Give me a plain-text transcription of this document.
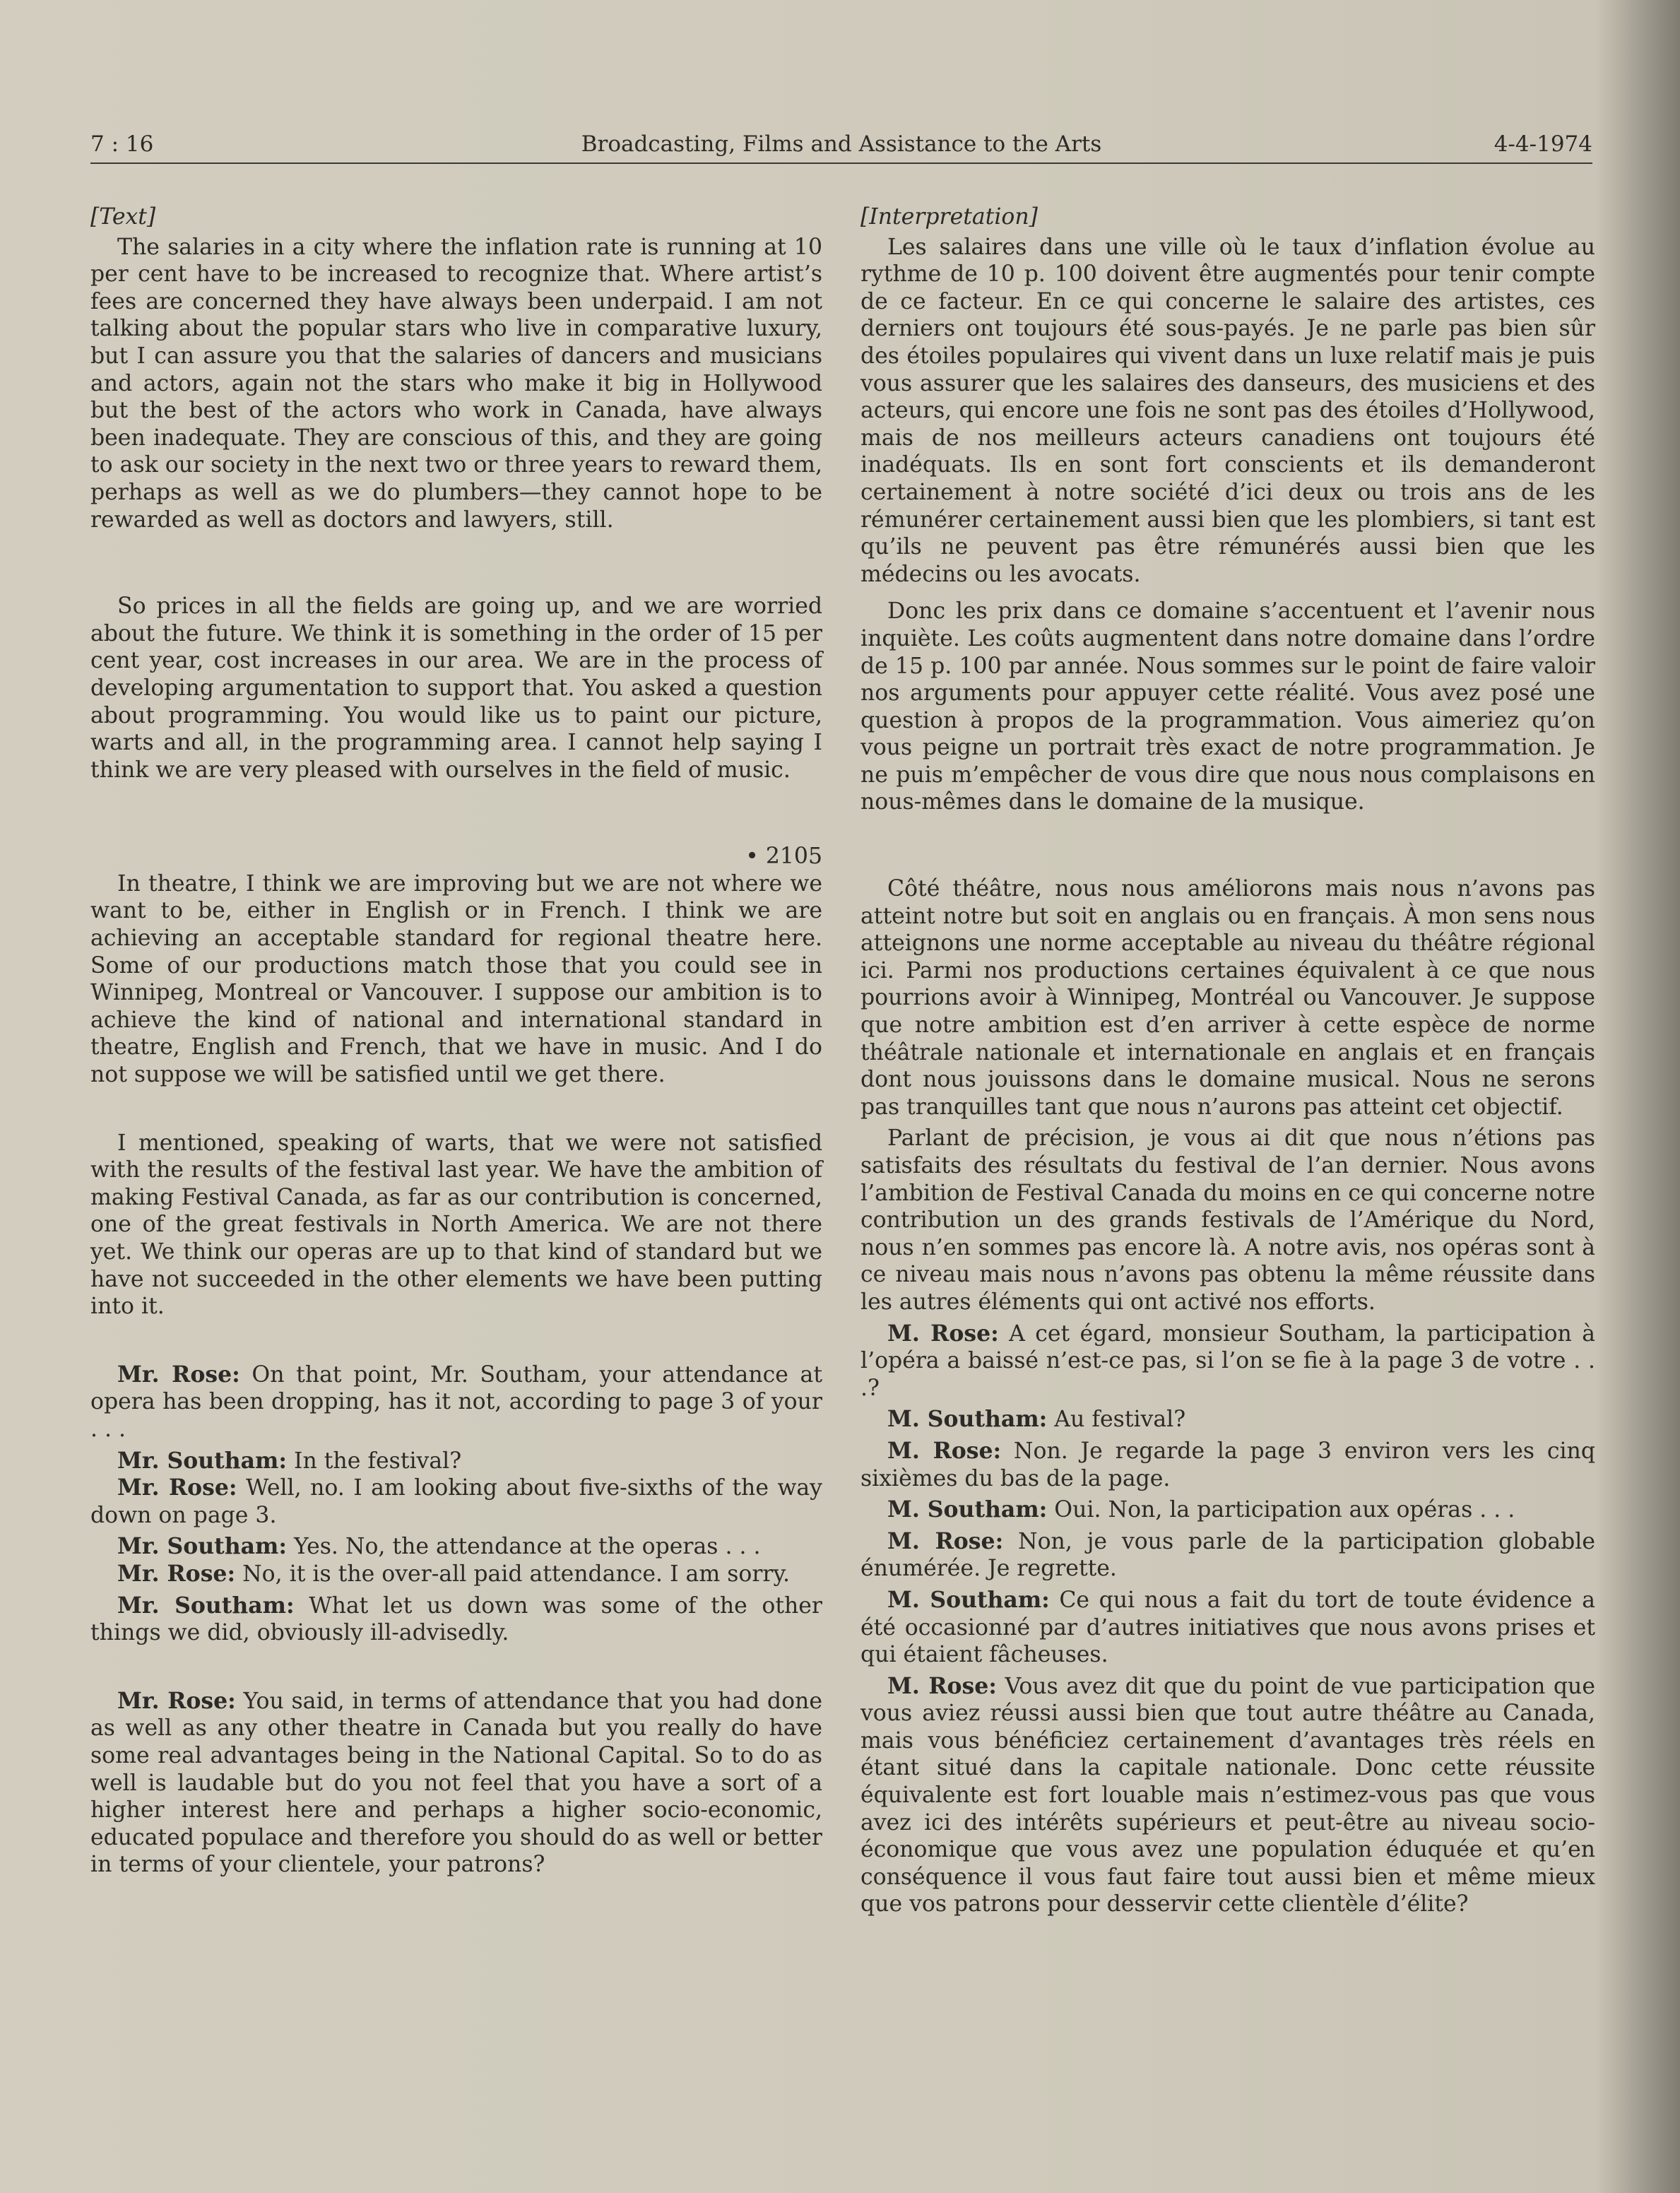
Broadcasting, Films and Assistance to the Arts
7 : 16	4-4-1974

[Text]

The salaries in a city where the inflation rate is running at 10 per cent have to be increased to recognize that. Where artist’s fees are concerned they have always been underpaid. I am not talking about the popular stars who live in comparative luxury, but I can assure you that the salaries of dancers and musicians and actors, again not the stars who make it big in Hollywood but the best of the actors who work in Canada, have always been inadequate. They are conscious of this, and they are going to ask our society in the next two or three years to reward them, perhaps as well as we do plumbers—they cannot hope to be rewarded as well as doctors and lawyers, still.

So prices in all the fields are going up, and we are worried about the future. We think it is something in the order of 15 per cent year, cost increases in our area. We are in the process of developing argumentation to support that. You asked a question about programming. You would like us to paint our picture, warts and all, in the programming area. I cannot help saying I think we are very pleased with ourselves in the field of music.

• 2105

In theatre, I think we are improving but we are not where we want to be, either in English or in French. I think we are achieving an acceptable standard for regional theatre here. Some of our productions match those that you could see in Winnipeg, Montreal or Vancouver. I suppose our ambition is to achieve the kind of national and international standard in theatre, English and French, that we have in music. And I do not suppose we will be satisfied until we get there.

I mentioned, speaking of warts, that we were not satisfied with the results of the festival last year. We have the ambition of making Festival Canada, as far as our contribution is concerned, one of the great festivals in North America. We are not there yet. We think our operas are up to that kind of standard but we have not succeeded in the other elements we have been putting into it.

Mr. Rose: On that point, Mr. Southam, your attendance at opera has been dropping, has it not, according to page 3 of your . . .

Mr. Southam: In the festival?

Mr. Rose: Well, no. I am looking about five-sixths of the way down on page 3.

Mr. Southam: Yes. No, the attendance at the operas . . .

Mr. Rose: No, it is the over-all paid attendance. I am sorry.

Mr. Southam: What let us down was some of the other things we did, obviously ill-advisedly.

Mr. Rose: You said, in terms of attendance that you had done as well as any other theatre in Canada but you really do have some real advantages being in the National Capital. So to do as well is laudable but do you not feel that you have a sort of a higher interest here and perhaps a higher socio-economic, educated populace and therefore you should do as well or better in terms of your clientele, your patrons?

[Interpretation]

Les salaires dans une ville où le taux d’inflation évolue au rythme de 10 p. 100 doivent être augmentés pour tenir compte de ce facteur. En ce qui concerne le salaire des artistes, ces derniers ont toujours été sous-payés. Je ne parle pas bien sûr des étoiles populaires qui vivent dans un luxe relatif mais je puis vous assurer que les salaires des danseurs, des musiciens et des acteurs, qui encore une fois ne sont pas des étoiles d’Hollywood, mais de nos meilleurs acteurs canadiens ont toujours été inadéquats. Ils en sont fort conscients et ils demanderont certainement à notre société d’ici deux ou trois ans de les rémunérer certainement aussi bien que les plombiers, si tant est qu’ils ne peuvent pas être rémunérés aussi bien que les médecins ou les avocats.

Donc les prix dans ce domaine s’accentuent et l’avenir nous inquiète. Les coûts augmentent dans notre domaine dans l’ordre de 15 p. 100 par année. Nous sommes sur le point de faire valoir nos arguments pour appuyer cette réalité. Vous avez posé une question à propos de la programmation. Vous aimeriez qu’on vous peigne un portrait très exact de notre programmation. Je ne puis m’empêcher de vous dire que nous nous complaisons en nous-mêmes dans le domaine de la musique.

Côté théâtre, nous nous améliorons mais nous n’avons pas atteint notre but soit en anglais ou en français. À mon sens nous atteignons une norme acceptable au niveau du théâtre régional ici. Parmi nos productions certaines équivalent à ce que nous pourrions avoir à Winnipeg, Montréal ou Vancouver. Je suppose que notre ambition est d’en arriver à cette espèce de norme théâtrale nationale et internationale en anglais et en français dont nous jouissons dans le domaine musical. Nous ne serons pas tranquilles tant que nous n’aurons pas atteint cet objectif.

Parlant de précision, je vous ai dit que nous n’étions pas satisfaits des résultats du festival de l’an dernier. Nous avons l’ambition de Festival Canada du moins en ce qui concerne notre contribution un des grands festivals de l’Amérique du Nord, nous n’en sommes pas encore là. A notre avis, nos opéras sont à ce niveau mais nous n’avons pas obtenu la même réussite dans les autres éléments qui ont activé nos efforts.

M. Rose: A cet égard, monsieur Southam, la participation à l’opéra a baissé n’est-ce pas, si l’on se fie à la page 3 de votre . . .?

M. Southam: Au festival?

M. Rose: Non. Je regarde la page 3 environ vers les cinq sixièmes du bas de la page.

M. Southam: Oui. Non, la participation aux opéras . . .

M. Rose: Non, je vous parle de la participation globable énumérée. Je regrette.

M. Southam: Ce qui nous a fait du tort de toute évidence a été occasionné par d’autres initiatives que nous avons prises et qui étaient fâcheuses.

M. Rose: Vous avez dit que du point de vue participation que vous aviez réussi aussi bien que tout autre théâtre au Canada, mais vous bénéficiez certainement d’avantages très réels en étant situé dans la capitale nationale. Donc cette réussite équivalente est fort louable mais n’estimez-vous pas que vous avez ici des intérêts supérieurs et peut-être au niveau socio-économique que vous avez une population éduquée et qu’en conséquence il vous faut faire tout aussi bien et même mieux que vos patrons pour desservir cette clientèle d’élite?
